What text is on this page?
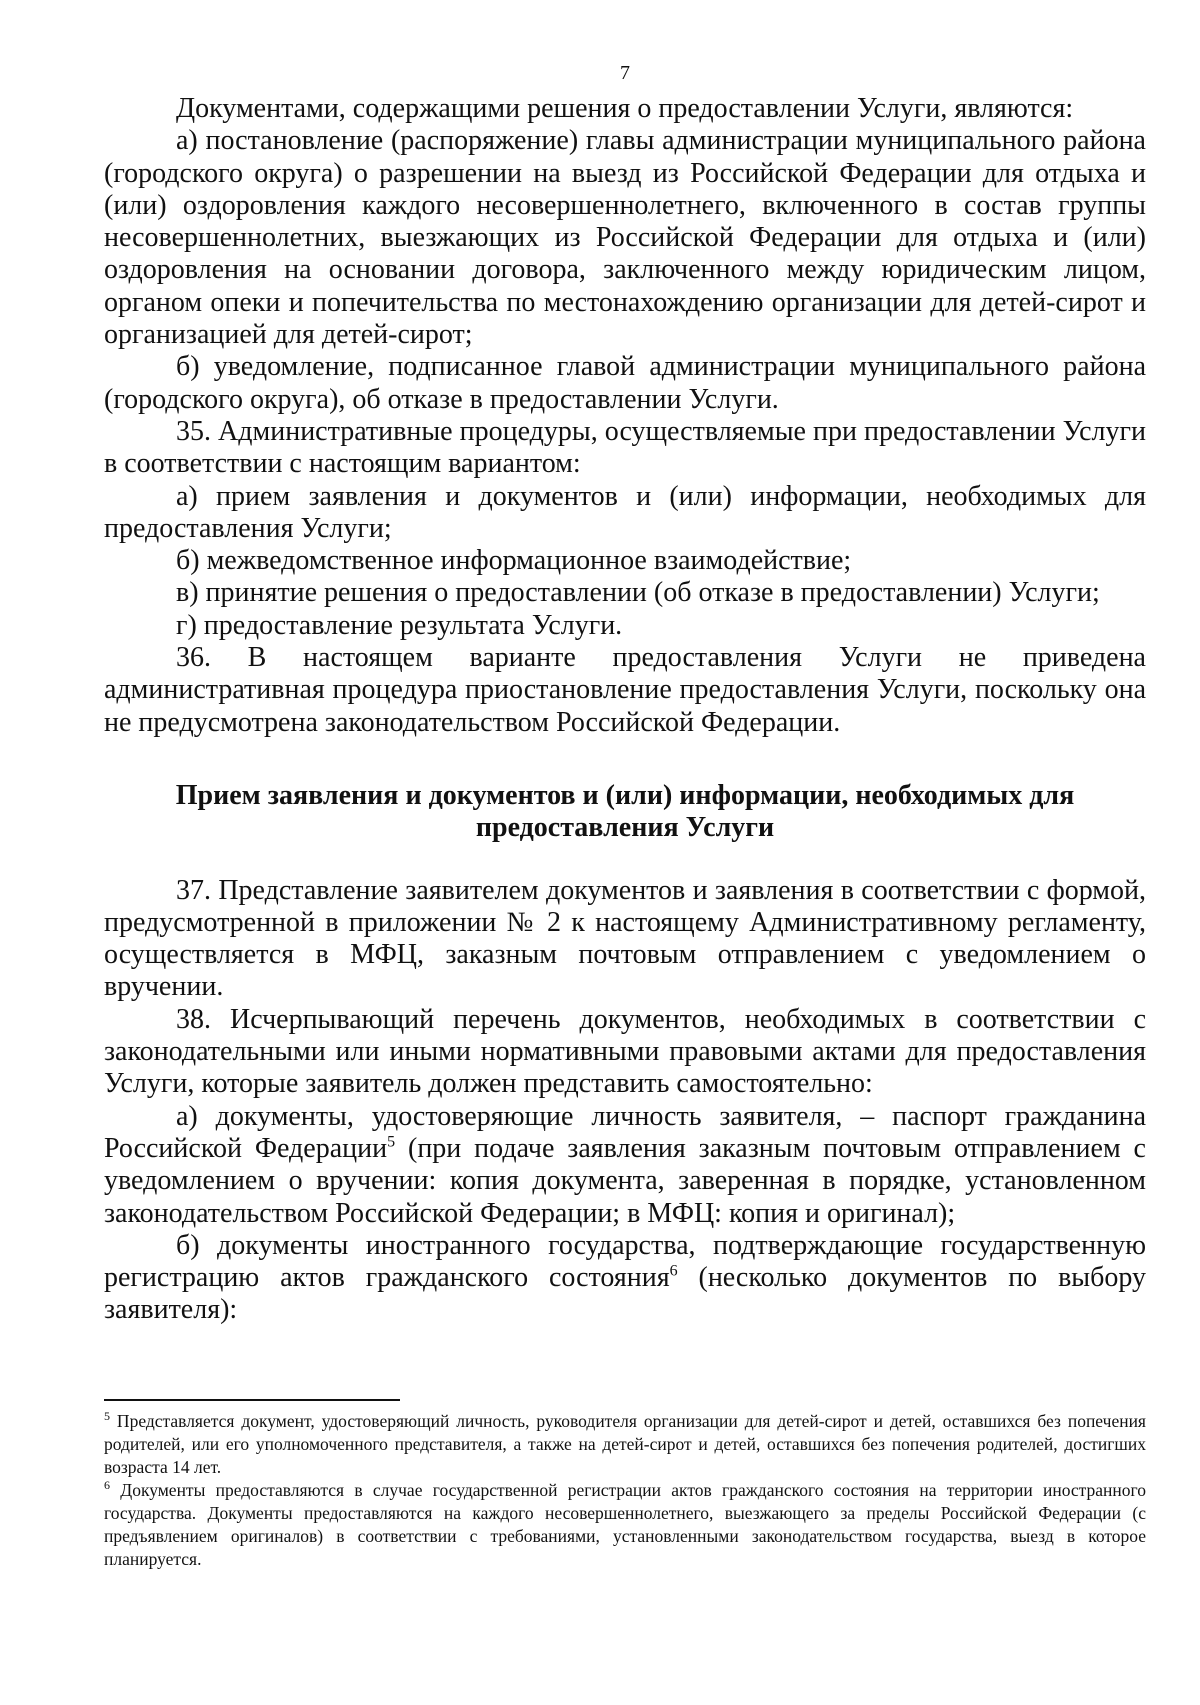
7

Документами, содержащими решения о предоставлении Услуги, являются:

а) постановление (распоряжение) главы администрации муниципального района (городского округа) о разрешении на выезд из Российской Федерации для отдыха и (или) оздоровления каждого несовершеннолетнего, включенного в состав группы несовершеннолетних, выезжающих из Российской Федерации для отдыха и (или) оздоровления на основании договора, заключенного между юридическим лицом, органом опеки и попечительства по местонахождению организации для детей-сирот и организацией для детей-сирот;

б) уведомление, подписанное главой администрации муниципального района (городского округа), об отказе в предоставлении Услуги.

35. Административные процедуры, осуществляемые при предоставлении Услуги в соответствии с настоящим вариантом:

а) прием заявления и документов и (или) информации, необходимых для предоставления Услуги;

б) межведомственное информационное взаимодействие;

в) принятие решения о предоставлении (об отказе в предоставлении) Услуги;

г) предоставление результата Услуги.

36. В настоящем варианте предоставления Услуги не приведена административная процедура приостановление предоставления Услуги, поскольку она не предусмотрена законодательством Российской Федерации.

Прием заявления и документов и (или) информации, необходимых для
предоставления Услуги

37. Представление заявителем документов и заявления в соответствии с формой, предусмотренной в приложении № 2 к настоящему Административному регламенту, осуществляется в МФЦ, заказным почтовым отправлением с уведомлением о вручении.

38. Исчерпывающий перечень документов, необходимых в соответствии с законодательными или иными нормативными правовыми актами для предоставления Услуги, которые заявитель должен представить самостоятельно:

а) документы, удостоверяющие личность заявителя, – паспорт гражданина Российской Федерации$^5$ (при подаче заявления заказным почтовым отправлением с уведомлением о вручении: копия документа, заверенная в порядке, установленном законодательством Российской Федерации; в МФЦ: копия и оригинал);

б) документы иностранного государства, подтверждающие государственную регистрацию актов гражданского состояния$^6$ (несколько документов по выбору заявителя):

$^5$ Представляется документ, удостоверяющий личность, руководителя организации для детей-сирот и детей, оставшихся без попечения родителей, или его уполномоченного представителя, а также на детей-сирот и детей, оставшихся без попечения родителей, достигших возраста 14 лет.

$^6$ Документы предоставляются в случае государственной регистрации актов гражданского состояния на территории иностранного государства. Документы предоставляются на каждого несовершеннолетнего, выезжающего за пределы Российской Федерации (с предъявлением оригиналов) в соответствии с требованиями, установленными законодательством государства, выезд в которое планируется.
